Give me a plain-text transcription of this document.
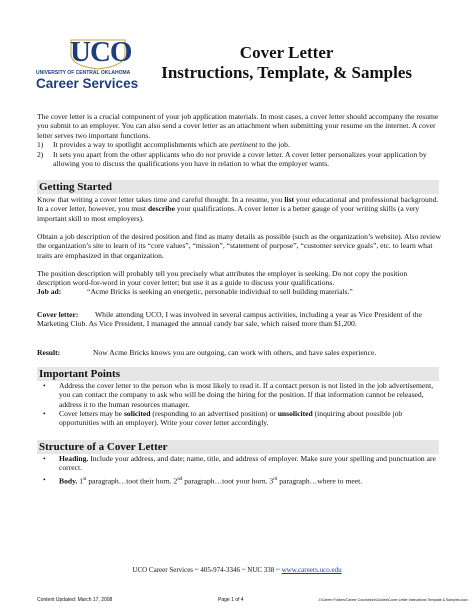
UCO
UNIVERSITY OF CENTRAL OKLAHOMA
Career Services
Cover Letter
Instructions, Template, & Samples

The cover letter is a crucial component of your job application materials. In most cases, a cover letter should accompany the resume you submit to an employer. You can also send a cover letter as an attachment when submitting your resume on the internet. A cover letter serves two important functions.

1) It provides a way to spotlight accomplishments which are pertinent to the job.
2) It sets you apart from the other applicants who do not provide a cover letter. A cover letter personalizes your application by allowing you to discuss the qualifications you have in relation to what the employer wants.
Getting Started

Know that writing a cover letter takes time and careful thought. In a resume, you list your educational and professional background. In a cover letter, however, you must describe your qualifications. A cover letter is a better gauge of your writing skills (a very important skill to most employers).

Obtain a job description of the desired position and find as many details as possible (such as the organization’s website). Also review the organization’s site to learn of its “core values”, “mission”, “statement of purpose”, “customer service goals”, etc. to learn what traits are emphasized in that organization.

The position description will probably tell you precisely what attributes the employer is seeking. Do not copy the position description word-for-word in your cover letter; but use it as a guide to discuss your qualifications.

Job ad:	“Acme Bricks is seeking an energetic, personable individual to sell building materials.”
Cover letter: While attending UCO, I was involved in several campus activities, including a year as Vice President of the Marketing Club. As Vice President, I managed the annual candy bar sale, which raised more than $1,200.
Result:	Now Acme Bricks knows you are outgoing, can work with others, and have sales experience.
Important Points
• Address the cover letter to the person who is most likely to read it. If a contact person is not listed in the job advertisement, you can contact the company to ask who will be doing the hiring for the position. If that information cannot be released, address it to the human resources manager.
• Cover letters may be solicited (responding to an advertised position) or unsolicited (inquiring about possible job opportunities with an employer). Write your cover letter accordingly.
Structure of a Cover Letter
• Heading. Include your address, and date; name, title, and address of employer. Make sure your spelling and punctuation are correct.
• Body. 1st paragraph…toot their horn. 2nd paragraph…toot your horn. 3rd paragraph…where to meet.
UCO Career Services ~ 405-974-3346 ~ NUC 338 ~ www.careers.uco.edu
Content Updated: March 17, 2008	Page 1 of 4	J:\Career Folders\Career Counselors\Guides\Cover Letter Instructions Template & Samples.docx
